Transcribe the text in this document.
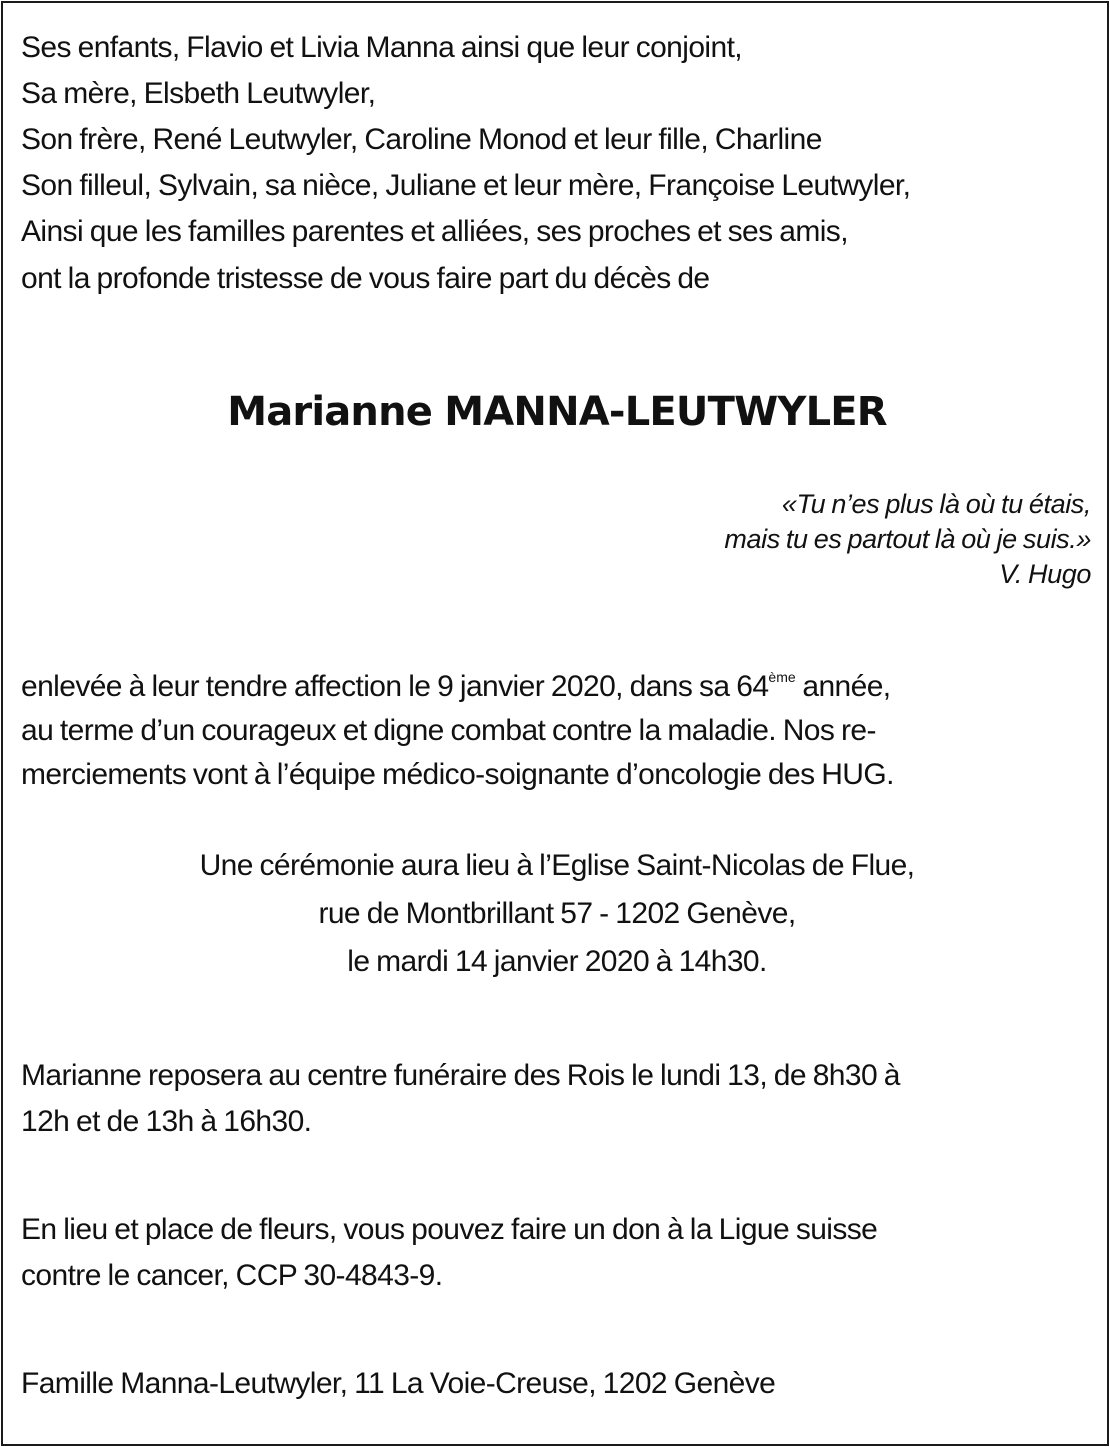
Ses enfants, Flavio et Livia Manna ainsi que leur conjoint,

Sa mère, Elsbeth Leutwyler,

Son frère, René Leutwyler, Caroline Monod et leur fille, Charline

Son filleul, Sylvain, sa nièce, Juliane et leur mère, Françoise Leutwyler,

Ainsi que les familles parentes et alliées, ses proches et ses amis,

ont la profonde tristesse de vous faire part du décès de

Marianne MANNA-LEUTWYLER

«Tu n’es plus là où tu étais,

mais tu es partout là où je suis.»

V. Hugo

enlevée à leur tendre affection le 9 janvier 2020, dans sa 64ème année,

au terme d’un courageux et digne combat contre la maladie. Nos re-

merciements vont à l’équipe médico-soignante d’oncologie des HUG.

Une cérémonie aura lieu à l’Eglise Saint-Nicolas de Flue,

rue de Montbrillant 57 - 1202 Genève,

le mardi 14 janvier 2020 à 14h30.

Marianne reposera au centre funéraire des Rois le lundi 13, de 8h30 à

12h et de 13h à 16h30.

En lieu et place de fleurs, vous pouvez faire un don à la Ligue suisse

contre le cancer, CCP 30-4843-9.

Famille Manna-Leutwyler, 11 La Voie-Creuse, 1202 Genève
